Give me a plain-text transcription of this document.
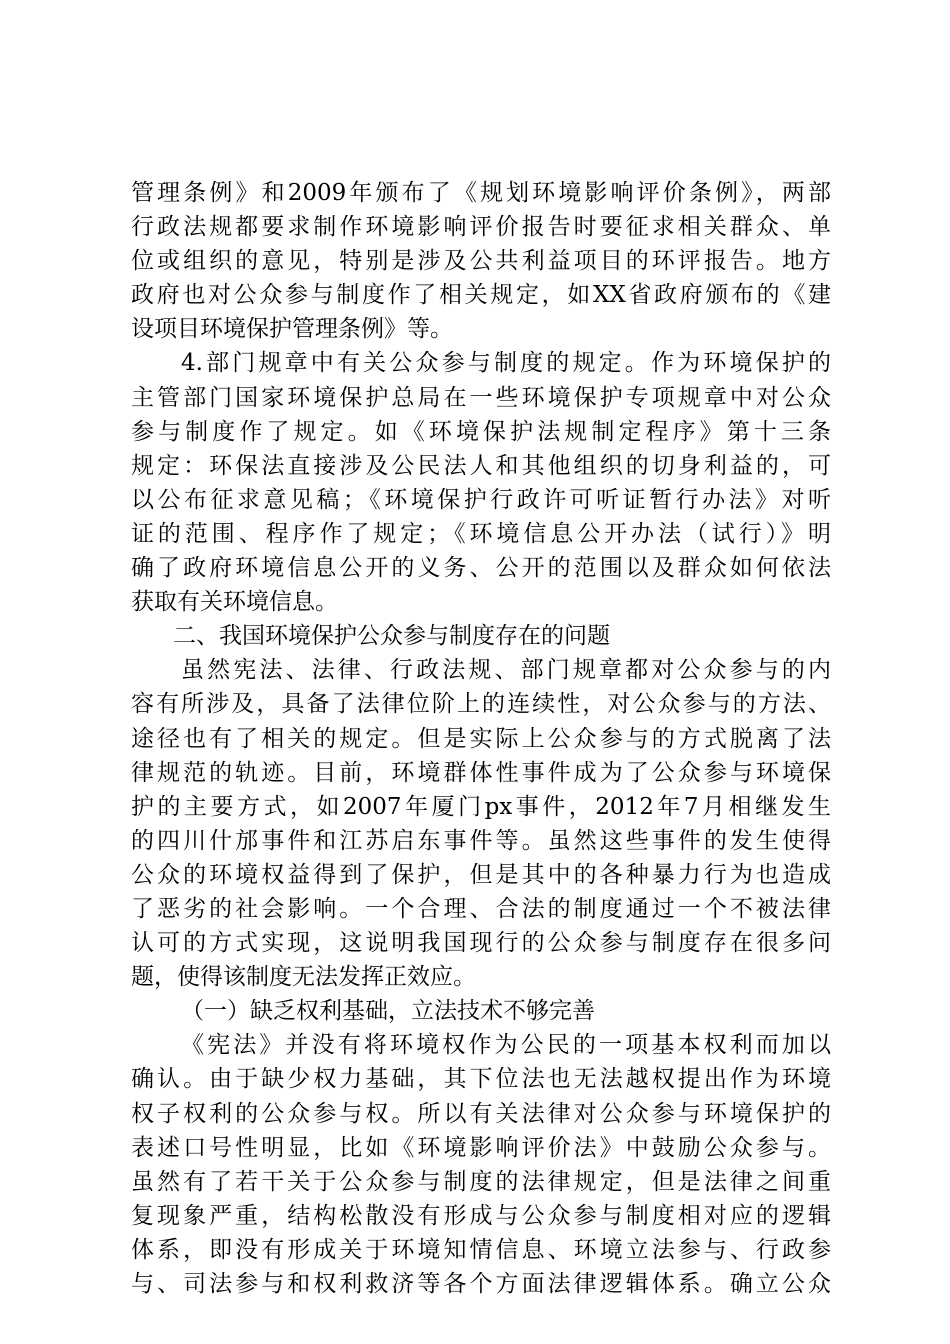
管理条例》和2009年颁布了《规划环境影响评价条例》，两部
行政法规都要求制作环境影响评价报告时要征求相关群众、单
位或组织的意见，特别是涉及公共利益项目的环评报告。地方
政府也对公众参与制度作了相关规定，如XX省政府颁布的《建
设项目环境保护管理条例》等。
4.部门规章中有关公众参与制度的规定。作为环境保护的
主管部门国家环境保护总局在一些环境保护专项规章中对公众
参与制度作了规定。如《环境保护法规制定程序》第十三条
规定：环保法直接涉及公民法人和其他组织的切身利益的，可
以公布征求意见稿；《环境保护行政许可听证暂行办法》对听
证的范围、程序作了规定；《环境信息公开办法（试行）》明
确了政府环境信息公开的义务、公开的范围以及群众如何依法
获取有关环境信息。
二、我国环境保护公众参与制度存在的问题
虽然宪法、法律、行政法规、部门规章都对公众参与的内
容有所涉及，具备了法律位阶上的连续性，对公众参与的方法、
途径也有了相关的规定。但是实际上公众参与的方式脱离了法
律规范的轨迹。目前，环境群体性事件成为了公众参与环境保
护的主要方式，如2007年厦门px事件，2012年7月相继发生
的四川什邡事件和江苏启东事件等。虽然这些事件的发生使得
公众的环境权益得到了保护，但是其中的各种暴力行为也造成
了恶劣的社会影响。一个合理、合法的制度通过一个不被法律
认可的方式实现，这说明我国现行的公众参与制度存在很多问
题，使得该制度无法发挥正效应。
（一）缺乏权利基础，立法技术不够完善
《宪法》并没有将环境权作为公民的一项基本权利而加以
确认。由于缺少权力基础，其下位法也无法越权提出作为环境
权子权利的公众参与权。所以有关法律对公众参与环境保护的
表述口号性明显，比如《环境影响评价法》中鼓励公众参与。
虽然有了若干关于公众参与制度的法律规定，但是法律之间重
复现象严重，结构松散没有形成与公众参与制度相对应的逻辑
体系，即没有形成关于环境知情信息、环境立法参与、行政参
与、司法参与和权利救济等各个方面法律逻辑体系。确立公众
